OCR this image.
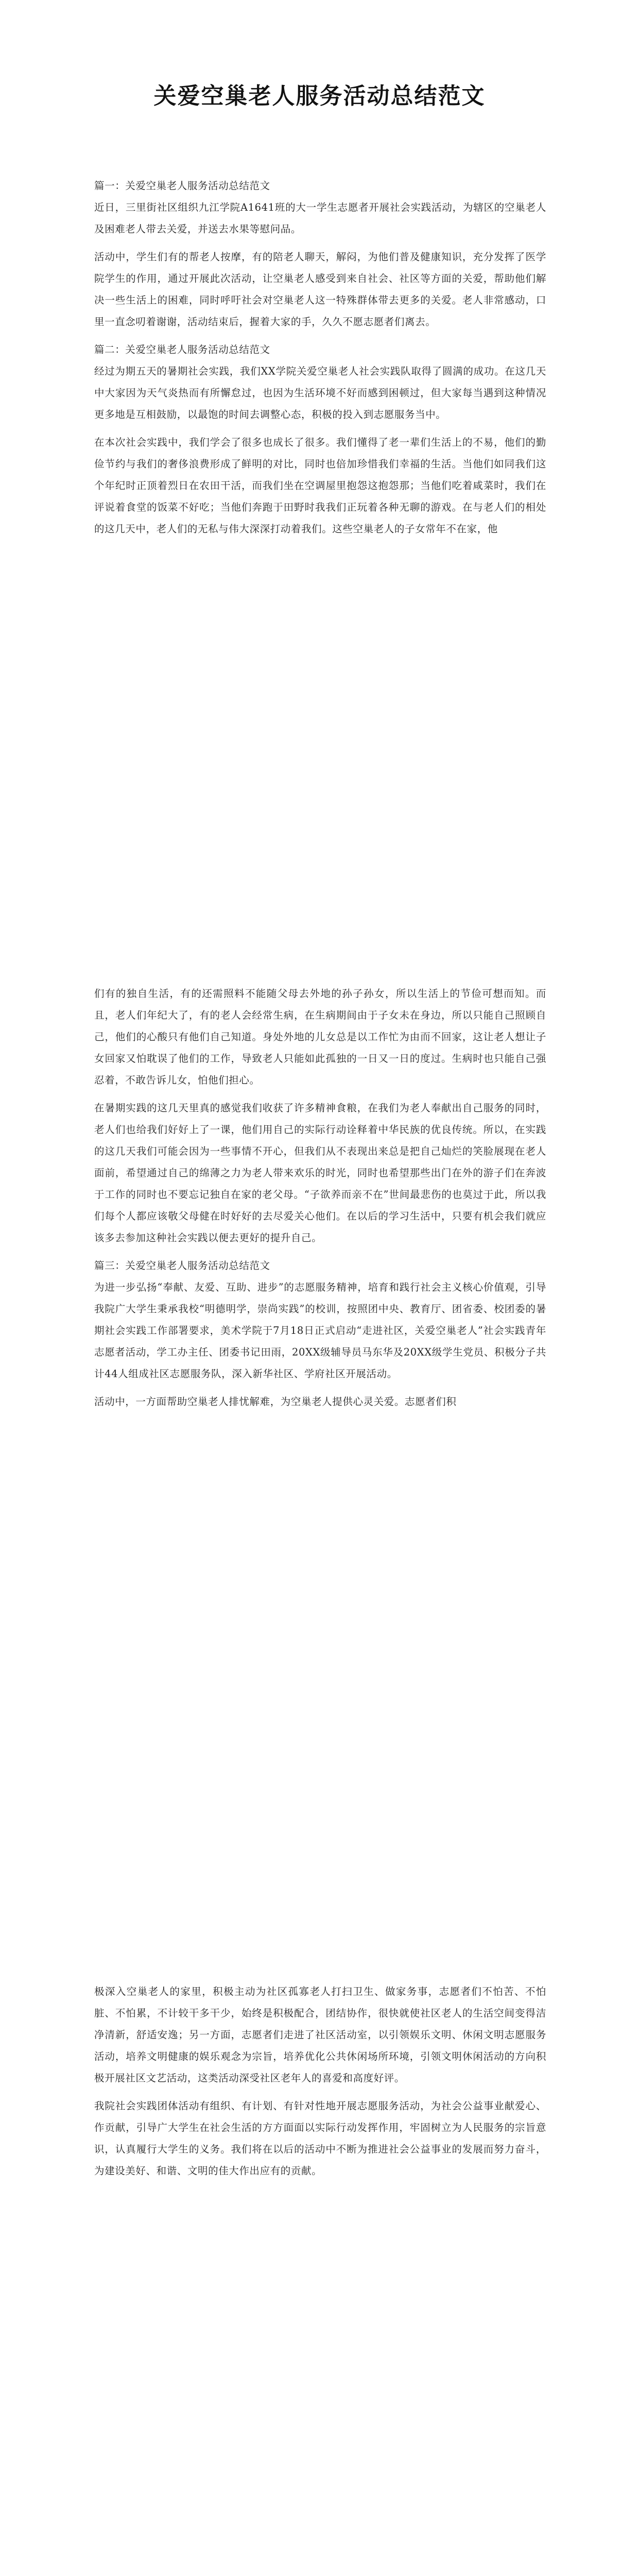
关爱空巢老人服务活动总结范文

篇一：关爱空巢老人服务活动总结范文

近日，三里街社区组织九江学院A1641班的大一学生志愿者开展社会实践活动，为辖区的空巢老人及困难老人带去关爱，并送去水果等慰问品。

活动中，学生们有的帮老人按摩，有的陪老人聊天，解闷，为他们普及健康知识，充分发挥了医学院学生的作用，通过开展此次活动，让空巢老人感受到来自社会、社区等方面的关爱，帮助他们解决一些生活上的困难，同时呼吁社会对空巢老人这一特殊群体带去更多的关爱。老人非常感动，口里一直念叨着谢谢，活动结束后，握着大家的手，久久不愿志愿者们离去。

篇二：关爱空巢老人服务活动总结范文

经过为期五天的暑期社会实践，我们XX学院关爱空巢老人社会实践队取得了圆满的成功。在这几天中大家因为天气炎热而有所懈怠过，也因为生活环境不好而感到困顿过，但大家每当遇到这种情况更多地是互相鼓励，以最饱的时间去调整心态，积极的投入到志愿服务当中。

在本次社会实践中，我们学会了很多也成长了很多。我们懂得了老一辈们生活上的不易，他们的勤俭节约与我们的奢侈浪费形成了鲜明的对比，同时也倍加珍惜我们幸福的生活。当他们如同我们这个年纪时正顶着烈日在农田干活，而我们坐在空调屋里抱怨这抱怨那；当他们吃着咸菜时，我们在评说着食堂的饭菜不好吃；当他们奔跑于田野时我我们正玩着各种无聊的游戏。在与老人们的相处的这几天中，老人们的无私与伟大深深打动着我们。这些空巢老人的子女常年不在家，他

们有的独自生活，有的还需照料不能随父母去外地的孙子孙女，所以生活上的节俭可想而知。而且，老人们年纪大了，有的老人会经常生病，在生病期间由于子女未在身边，所以只能自己照顾自己，他们的心酸只有他们自己知道。身处外地的儿女总是以工作忙为由而不回家，这让老人想让子女回家又怕耽误了他们的工作，导致老人只能如此孤独的一日又一日的度过。生病时也只能自己强忍着，不敢告诉儿女，怕他们担心。

在暑期实践的这几天里真的感觉我们收获了许多精神食粮，在我们为老人奉献出自己服务的同时，老人们也给我们好好上了一课，他们用自己的实际行动诠释着中华民族的优良传统。所以，在实践的这几天我们可能会因为一些事情不开心，但我们从不表现出来总是把自己灿烂的笑脸展现在老人面前，希望通过自己的绵薄之力为老人带来欢乐的时光，同时也希望那些出门在外的游子们在奔波于工作的同时也不要忘记独自在家的老父母。“子欲养而亲不在”世间最悲伤的也莫过于此，所以我们每个人都应该敬父母健在时好好的去尽爱关心他们。在以后的学习生活中，只要有机会我们就应该多去参加这种社会实践以便去更好的提升自己。

篇三：关爱空巢老人服务活动总结范文

为进一步弘扬“奉献、友爱、互助、进步”的志愿服务精神，培育和践行社会主义核心价值观，引导我院广大学生秉承我校“明德明学，崇尚实践”的校训，按照团中央、教育厅、团省委、校团委的暑期社会实践工作部署要求，美术学院于7月18日正式启动“走进社区，关爱空巢老人”社会实践青年志愿者活动，学工办主任、团委书记田雨，20XX级辅导员马东华及20XX级学生党员、积极分子共计44人组成社区志愿服务队，深入新华社区、学府社区开展活动。

活动中，一方面帮助空巢老人排忧解难，为空巢老人提供心灵关爱。志愿者们积

极深入空巢老人的家里，积极主动为社区孤寡老人打扫卫生、做家务事，志愿者们不怕苦、不怕脏、不怕累，不计较干多干少，始终是积极配合，团结协作，很快就使社区老人的生活空间变得洁净清新，舒适安逸；另一方面，志愿者们走进了社区活动室，以引领娱乐文明、休闲文明志愿服务活动，培养文明健康的娱乐观念为宗旨，培养优化公共休闲场所环境，引领文明休闲活动的方向积极开展社区文艺活动，这类活动深受社区老年人的喜爱和高度好评。

我院社会实践团体活动有组织、有计划、有针对性地开展志愿服务活动，为社会公益事业献爱心、作贡献，引导广大学生在社会生活的方方面面以实际行动发挥作用，牢固树立为人民服务的宗旨意识，认真履行大学生的义务。我们将在以后的活动中不断为推进社会公益事业的发展而努力奋斗，为建设美好、和谐、文明的佳大作出应有的贡献。
